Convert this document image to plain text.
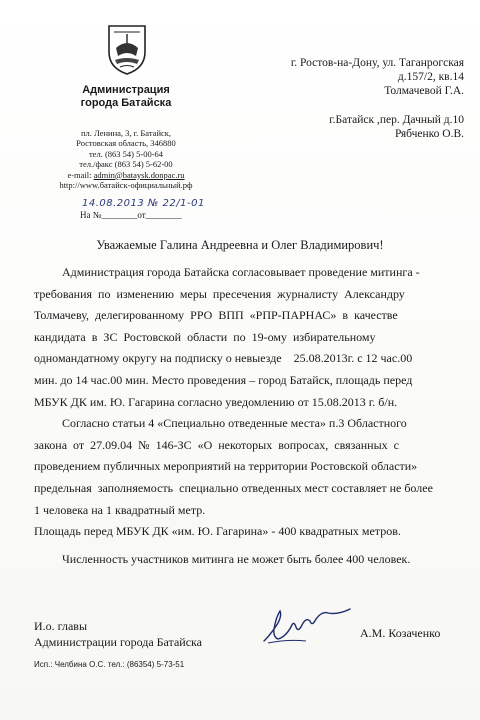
Администрация
города Батайска
пл. Ленина, 3, г. Батайск,
Ростовская область, 346880
тел. (863 54) 5-00-64
тел./факс (863 54) 5-62-00
e-mail: admin@bataysk.donpac.ru
http://www.батайск-официальный.рф
14.08.2013 № 22/1-01
На №________от________
г. Ростов-на-Дону, ул. Таганрогская
д.157/2, кв.14
Толмачевой Г.А.
г.Батайск ,пер. Дачный д.10
Рябченко О.В.
Уважаемые Галина Андреевна и Олег Владимирович!
Администрация города Батайска согласовывает проведение митинга -
требования  по  изменению  меры  пресечения  журналисту  Александру
Толмачеву,  делегированному  РРО  ВПП  «РПР-ПАРНАС»  в  качестве
кандидата  в  ЗС  Ростовской  области  по  19-ому  избирательному
одномандатному округу на подписку о невыезде    25.08.2013г. с 12 час.00
мин. до 14 час.00 мин. Место проведения – город Батайск, площадь перед
МБУК ДК им. Ю. Гагарина согласно уведомлению от 15.08.2013 г. б/н.
Согласно статьи 4 «Специально отведенные места» п.3 Областного
закона  от  27.09.04  №  146-ЗС  «О  некоторых  вопросах,  связанных  с
проведением публичных мероприятий на территории Ростовской области»
предельная  заполняемость  специально отведенных мест составляет не более
1 человека на 1 квадратный метр.
Площадь перед МБУК ДК «им. Ю. Гагарина» - 400 квадратных метров.
Численность участников митинга не может быть более 400 человек.
И.о. главы
Администрации города Батайска
А.М. Козаченко
Исп.: Челбина О.С. тел.: (86354) 5-73-51
